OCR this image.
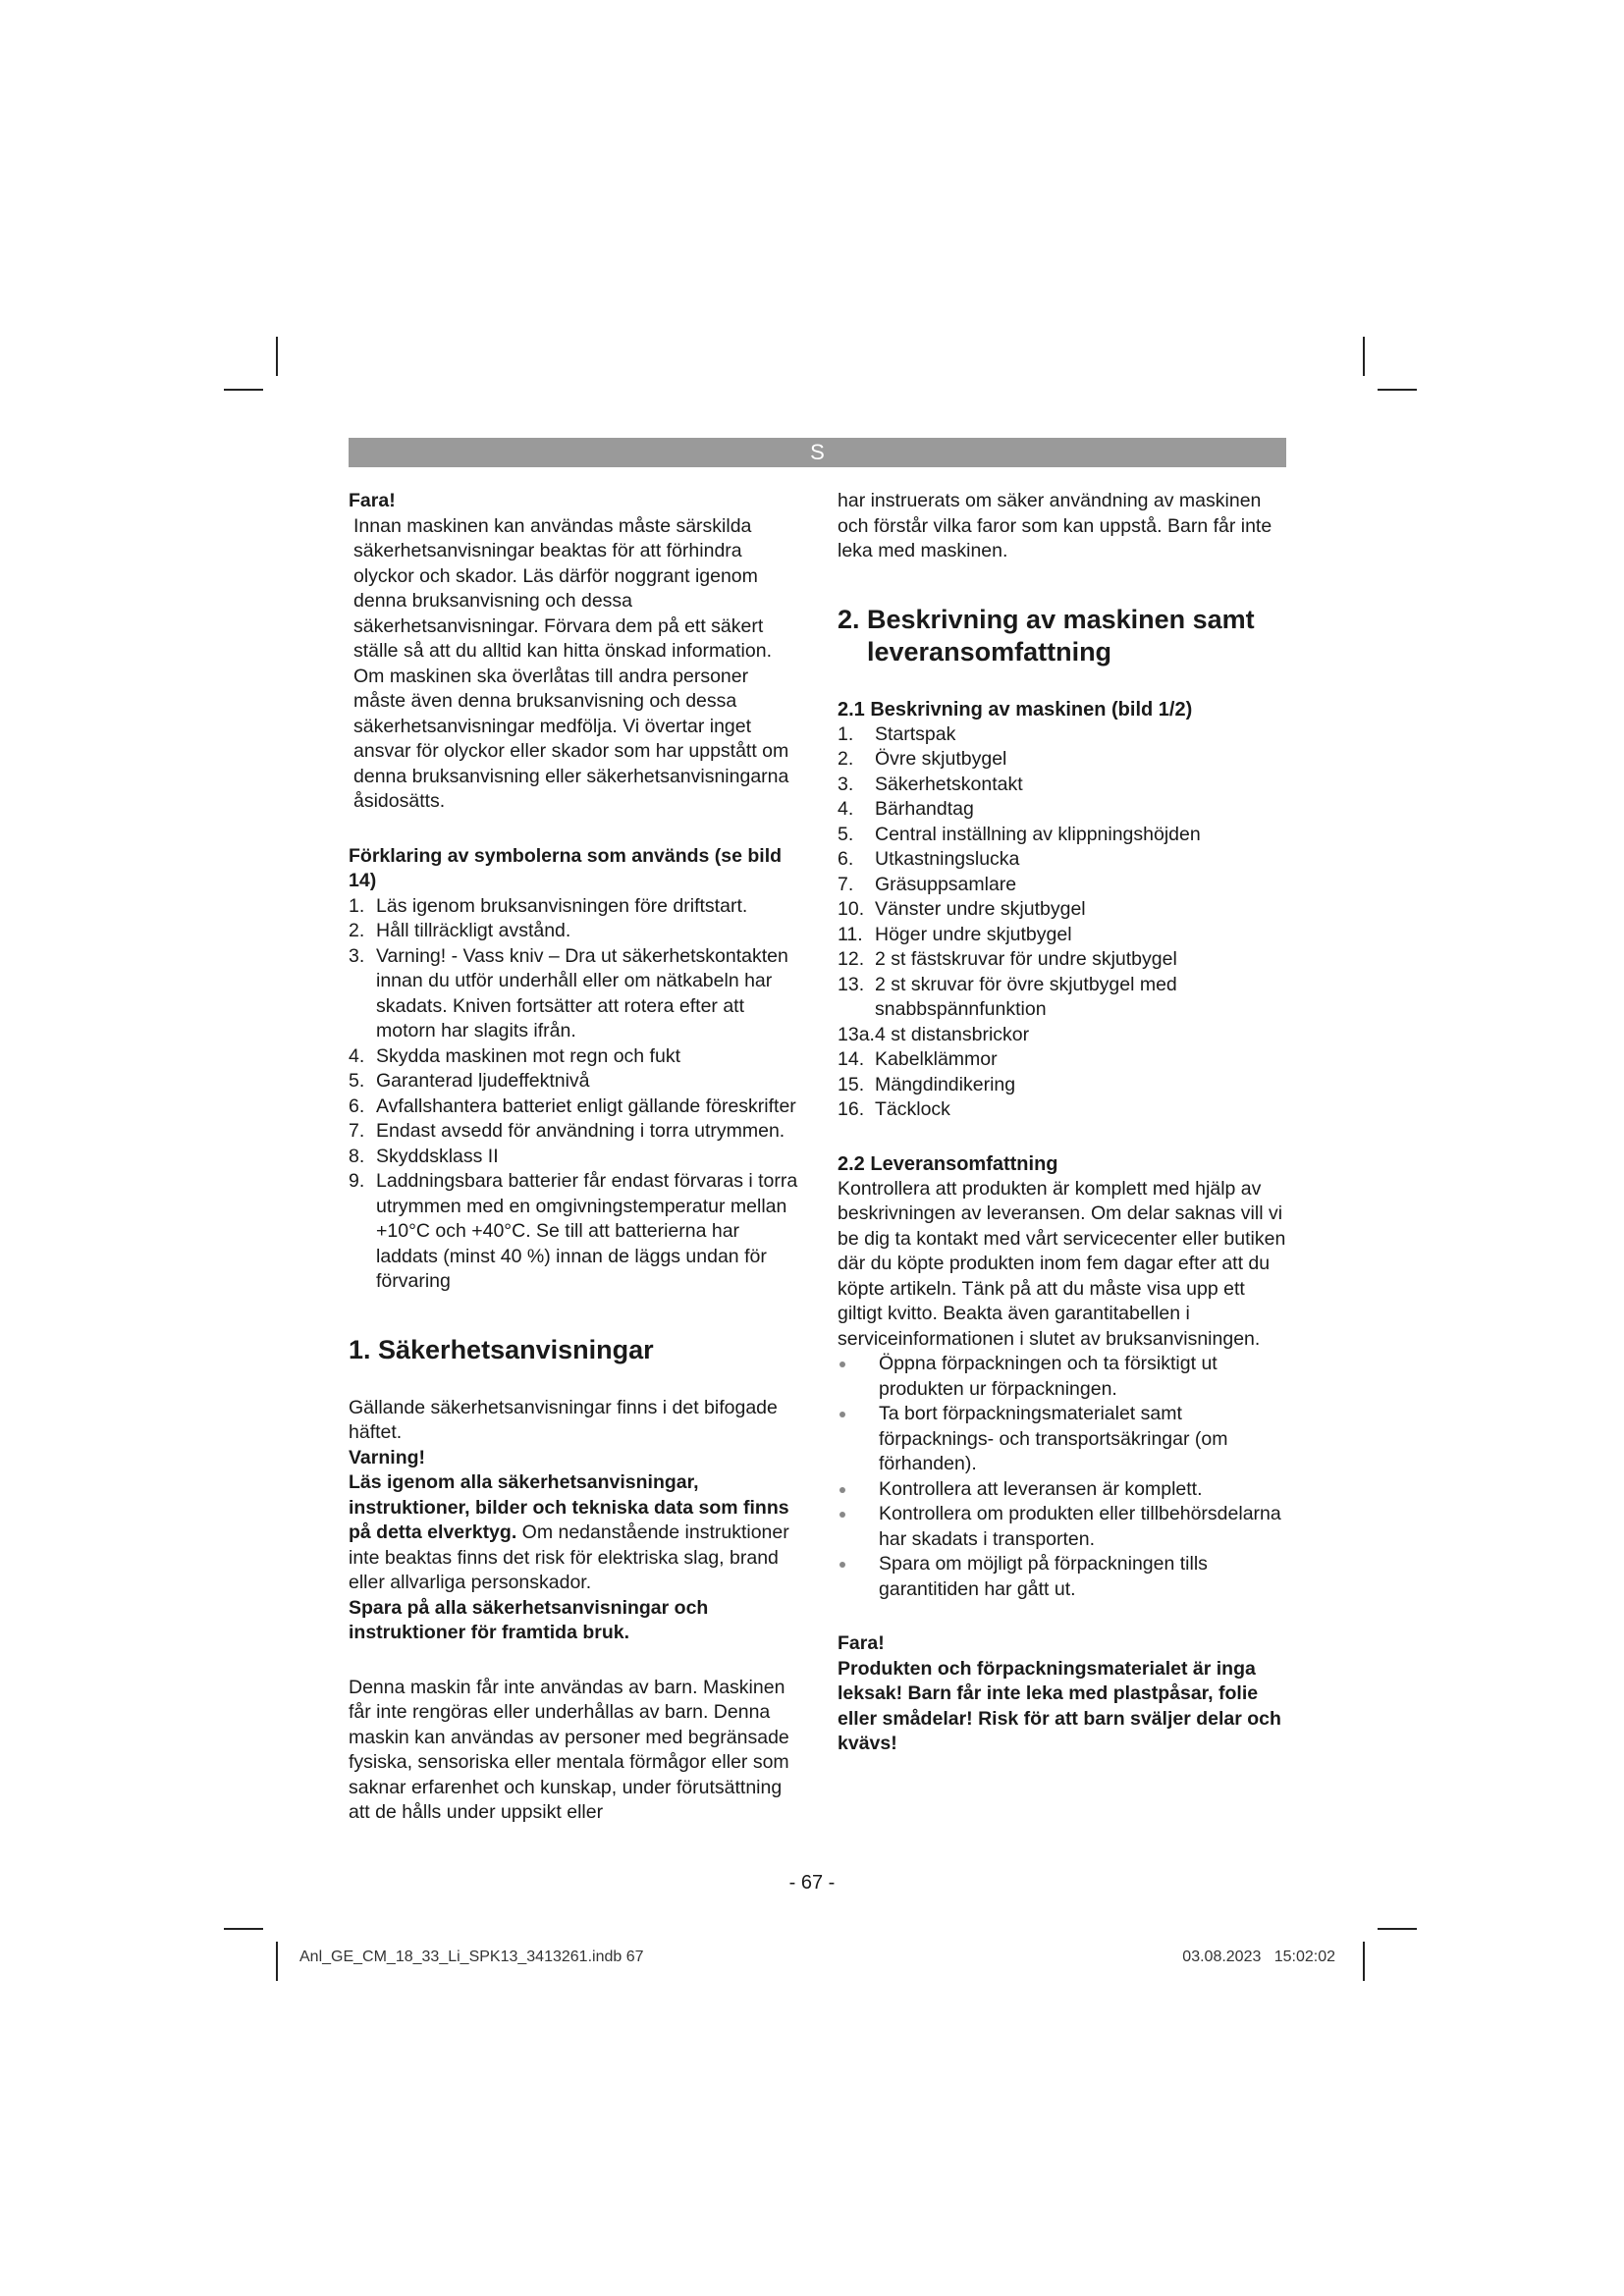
S

Fara!

Innan maskinen kan användas måste särskilda säkerhetsanvisningar beaktas för att förhindra olyckor och skador. Läs därför noggrant igenom denna bruksanvisning och dessa säkerhetsanvisningar. Förvara dem på ett säkert ställe så att du alltid kan hitta önskad information. Om maskinen ska överlåtas till andra personer måste även denna bruksanvisning och dessa säkerhetsanvisningar medfölja. Vi övertar inget ansvar för olyckor eller skador som har uppstått om denna bruksanvisning eller säkerhetsanvisningarna åsidosätts.

Förklaring av symbolerna som används (se bild 14)

1. Läs igenom bruksanvisningen före driftstart.
2. Håll tillräckligt avstånd.
3. Varning! - Vass kniv – Dra ut säkerhetskontakten innan du utför underhåll eller om nätkabeln har skadats. Kniven fortsätter att rotera efter att motorn har slagits ifrån.
4. Skydda maskinen mot regn och fukt
5. Garanterad ljudeffektnivå
6. Avfallshantera batteriet enligt gällande föreskrifter
7. Endast avsedd för användning i torra utrymmen.
8. Skyddsklass II
9. Laddningsbara batterier får endast förvaras i torra utrymmen med en omgivningstemperatur mellan +10°C och +40°C. Se till att batterierna har laddats (minst 40 %) innan de läggs undan för förvaring
1. Säkerhetsanvisningar

Gällande säkerhetsanvisningar finns i det bifogade häftet.

Varning!

Läs igenom alla säkerhetsanvisningar, instruktioner, bilder och tekniska data som finns på detta elverktyg. Om nedanstående instruktioner inte beaktas finns det risk för elektriska slag, brand eller allvarliga personskador.

Spara på alla säkerhetsanvisningar och instruktioner för framtida bruk.

Denna maskin får inte användas av barn. Maskinen får inte rengöras eller underhållas av barn. Denna maskin kan användas av personer med begränsade fysiska, sensoriska eller mentala förmågor eller som saknar erfarenhet och kunskap, under förutsättning att de hålls under uppsikt eller

har instruerats om säker användning av maskinen och förstår vilka faror som kan uppstå. Barn får inte leka med maskinen.

2. Beskrivning av maskinen samt leveransomfattning

2.1 Beskrivning av maskinen (bild 1/2)

1. Startspak
2. Övre skjutbygel
3. Säkerhetskontakt
4. Bärhandtag
5. Central inställning av klippningshöjden
6. Utkastningslucka
7. Gräsuppsamlare
10. Vänster undre skjutbygel
11. Höger undre skjutbygel
12. 2 st fästskruvar för undre skjutbygel
13. 2 st skruvar för övre skjutbygel med snabbspännfunktion
13a. 4 st distansbrickor
14. Kabelklämmor
15. Mängdindikering
16. Täcklock

2.2 Leveransomfattning

Kontrollera att produkten är komplett med hjälp av beskrivningen av leveransen. Om delar saknas vill vi be dig ta kontakt med vårt servicecenter eller butiken där du köpte produkten inom fem dagar efter att du köpte artikeln. Tänk på att du måste visa upp ett giltigt kvitto. Beakta även garantitabellen i serviceinformationen i slutet av bruksanvisningen.

Öppna förpackningen och ta försiktigt ut produkten ur förpackningen.
Ta bort förpackningsmaterialet samt förpacknings- och transportsäkringar (om förhanden).
Kontrollera att leveransen är komplett.
Kontrollera om produkten eller tillbehörsdelarna har skadats i transporten.
Spara om möjligt på förpackningen tills garantitiden har gått ut.

Fara!

Produkten och förpackningsmaterialet är inga leksak! Barn får inte leka med plastpåsar, folie eller smådelar! Risk för att barn sväljer delar och kvävs!

- 67 -
Anl_GE_CM_18_33_Li_SPK13_3413261.indb 67	03.08.2023 15:02:02
